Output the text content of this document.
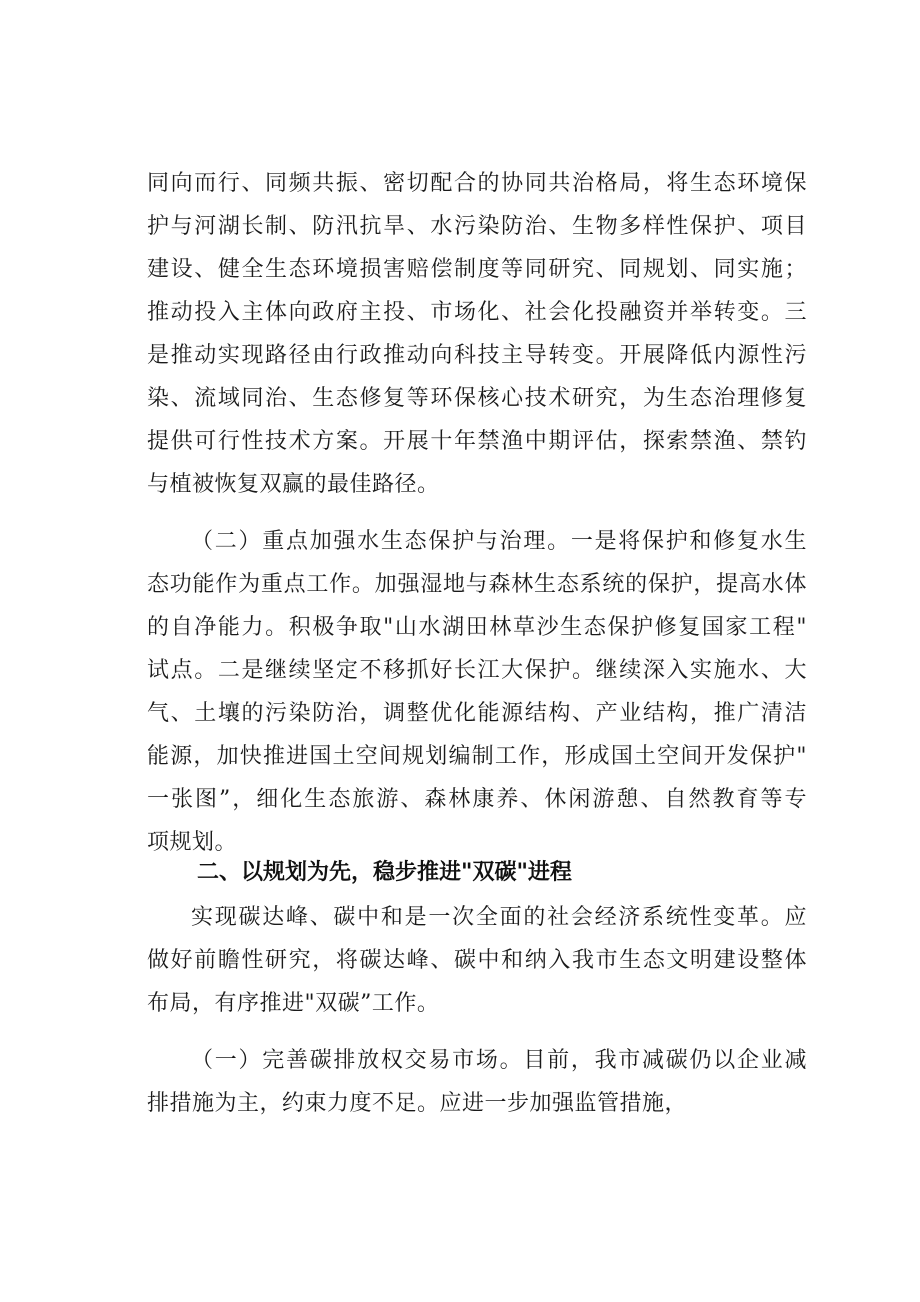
同向而行、同频共振、密切配合的协同共治格局，将生态环境保
护与河湖长制、防汛抗旱、水污染防治、生物多样性保护、项目
建设、健全生态环境损害赔偿制度等同研究、同规划、同实施；
推动投入主体向政府主投、市场化、社会化投融资并举转变。三
是推动实现路径由行政推动向科技主导转变。开展降低内源性污
染、流域同治、生态修复等环保核心技术研究，为生态治理修复
提供可行性技术方案。开展十年禁渔中期评估，探索禁渔、禁钓
与植被恢复双赢的最佳路径。
（二）重点加强水生态保护与治理。一是将保护和修复水生
态功能作为重点工作。加强湿地与森林生态系统的保护，提高水体
的自净能力。积极争取"山水湖田林草沙生态保护修复国家工程"
试点。二是继续坚定不移抓好长江大保护。继续深入实施水、大
气、土壤的污染防治，调整优化能源结构、产业结构，推广清洁
能源，加快推进国土空间规划编制工作，形成国土空间开发保护"
一张图”，细化生态旅游、森林康养、休闲游憩、自然教育等专
项规划。
二、以规划为先，稳步推进"双碳"进程
实现碳达峰、碳中和是一次全面的社会经济系统性变革。应
做好前瞻性研究，将碳达峰、碳中和纳入我市生态文明建设整体
布局，有序推进"双碳”工作。
（一）完善碳排放权交易市场。目前，我市减碳仍以企业减
排措施为主，约束力度不足。应进一步加强监管措施，
